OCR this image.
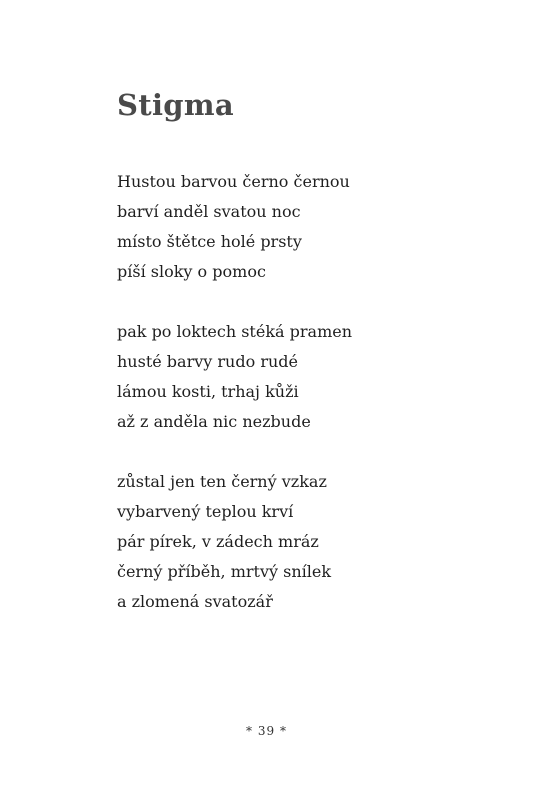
Stigma
Hustou barvou černo černou
barví anděl svatou noc
místo štětce holé prsty
píší sloky o pomoc
pak po loktech stéká pramen
husté barvy rudo rudé
lámou kosti, trhaj kůži
až z anděla nic nezbude
zůstal jen ten černý vzkaz
vybarvený teplou krví
pár pírek, v zádech mráz
černý příběh, mrtvý snílek
a zlomená svatozář
* 39 *
